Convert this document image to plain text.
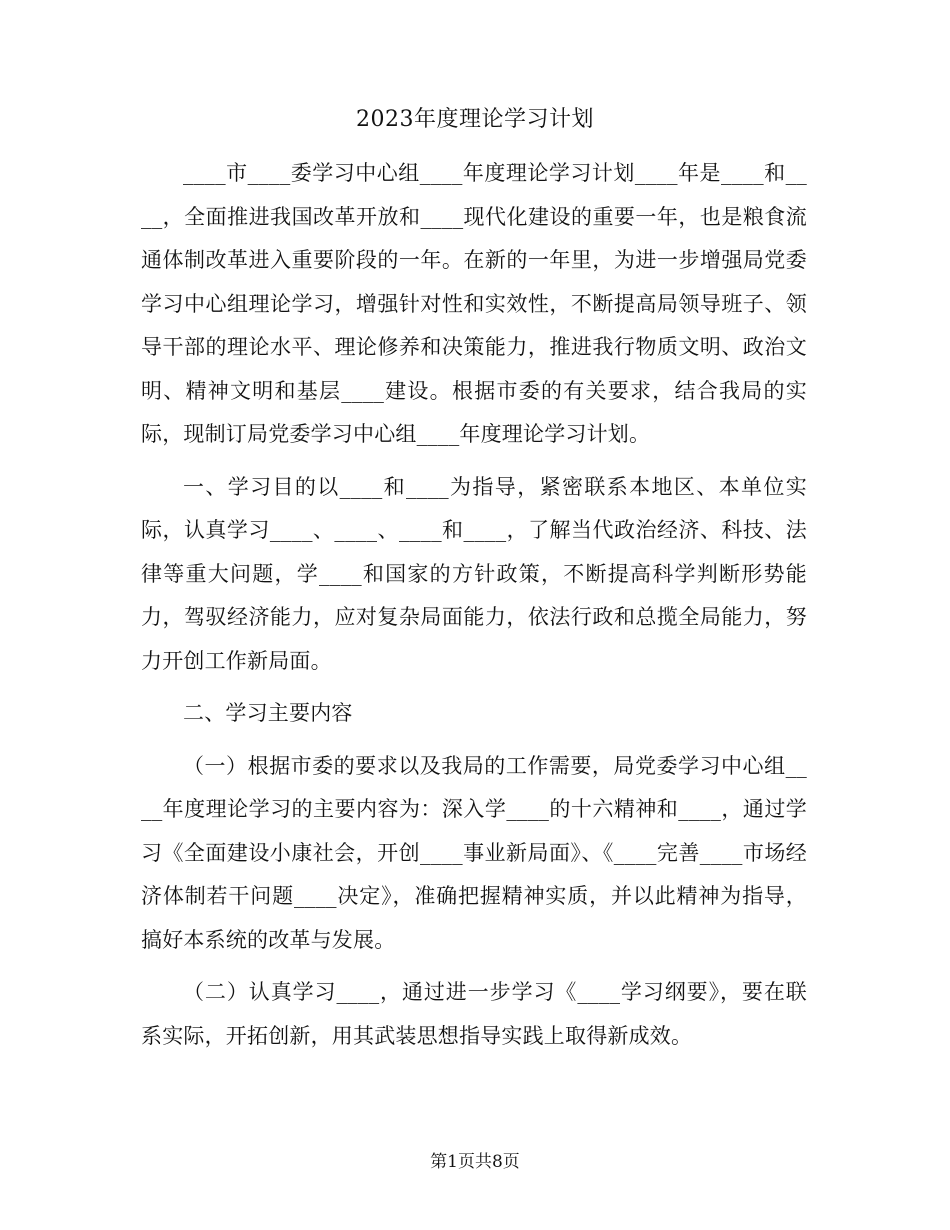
2023年度理论学习计划

____市____委学习中心组____年度理论学习计划____年是____和____，全面推进我国改革开放和____现代化建设的重要一年，也是粮食流通体制改革进入重要阶段的一年。在新的一年里，为进一步增强局党委学习中心组理论学习，增强针对性和实效性，不断提高局领导班子、领导干部的理论水平、理论修养和决策能力，推进我行物质文明、政治文明、精神文明和基层____建设。根据市委的有关要求，结合我局的实际，现制订局党委学习中心组____年度理论学习计划。

一、学习目的以____和____为指导，紧密联系本地区、本单位实际，认真学习____、____、____和____，了解当代政治经济、科技、法律等重大问题，学____和国家的方针政策，不断提高科学判断形势能力，驾驭经济能力，应对复杂局面能力，依法行政和总揽全局能力，努力开创工作新局面。

二、学习主要内容

（一）根据市委的要求以及我局的工作需要，局党委学习中心组____年度理论学习的主要内容为：深入学____的十六精神和____，通过学习《全面建设小康社会，开创____事业新局面》、《____完善____市场经济体制若干问题____决定》，准确把握精神实质，并以此精神为指导，搞好本系统的改革与发展。

（二）认真学习____，通过进一步学习《____学习纲要》，要在联系实际，开拓创新，用其武装思想指导实践上取得新成效。

第1页共8页
